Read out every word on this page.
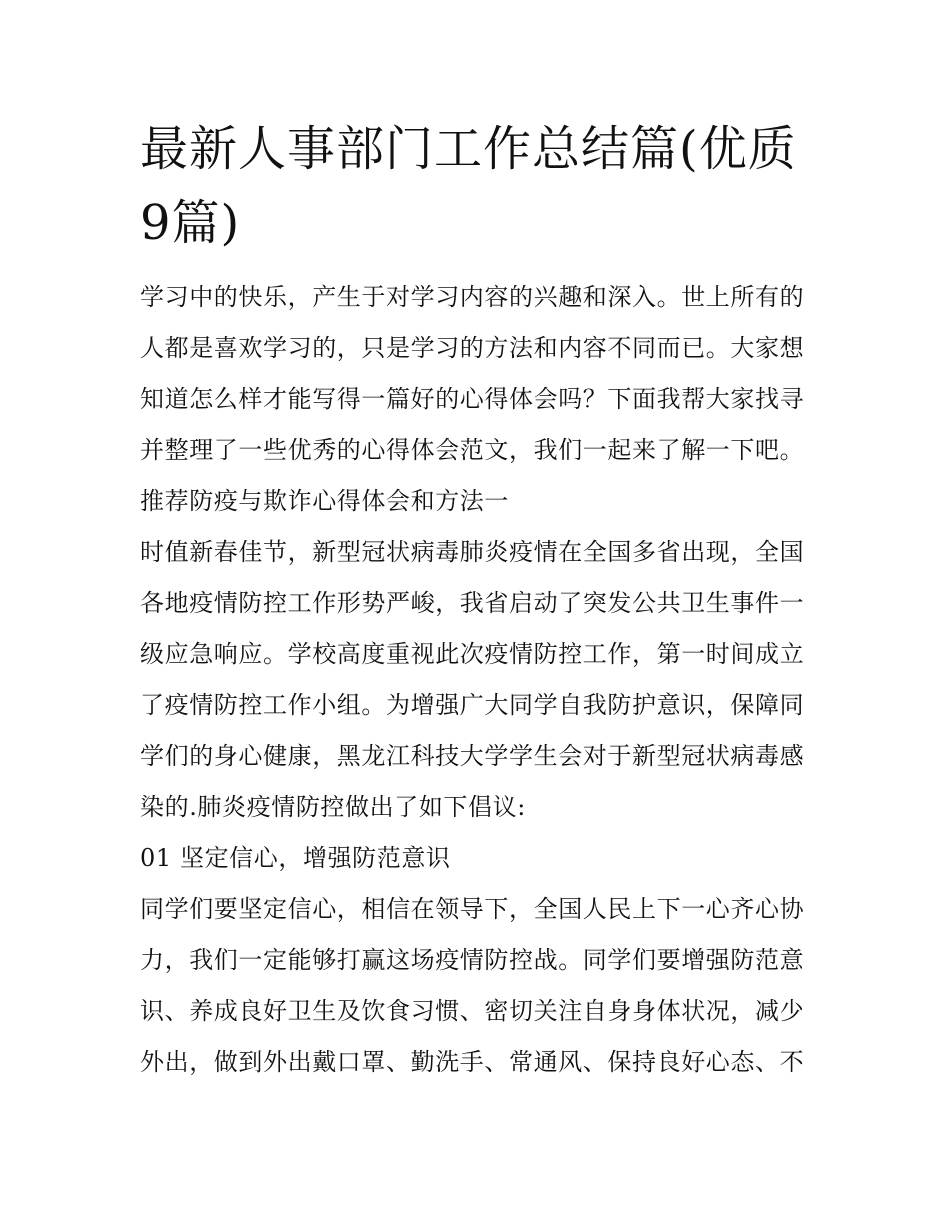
最新人事部门工作总结篇(优质9篇)

学习中的快乐，产生于对学习内容的兴趣和深入。世上所有的人都是喜欢学习的，只是学习的方法和内容不同而已。大家想知道怎么样才能写得一篇好的心得体会吗？下面我帮大家找寻并整理了一些优秀的心得体会范文，我们一起来了解一下吧。

推荐防疫与欺诈心得体会和方法一

时值新春佳节，新型冠状病毒肺炎疫情在全国多省出现，全国各地疫情防控工作形势严峻，我省启动了突发公共卫生事件一级应急响应。学校高度重视此次疫情防控工作，第一时间成立了疫情防控工作小组。为增强广大同学自我防护意识，保障同学们的身心健康，黑龙江科技大学学生会对于新型冠状病毒感染的.肺炎疫情防控做出了如下倡议:

01 坚定信心，增强防范意识

同学们要坚定信心，相信在领导下，全国人民上下一心齐心协力，我们一定能够打赢这场疫情防控战。同学们要增强防范意识、养成良好卫生及饮食习惯、密切关注自身身体状况，减少外出，做到外出戴口罩、勤洗手、常通风、保持良好心态、不
